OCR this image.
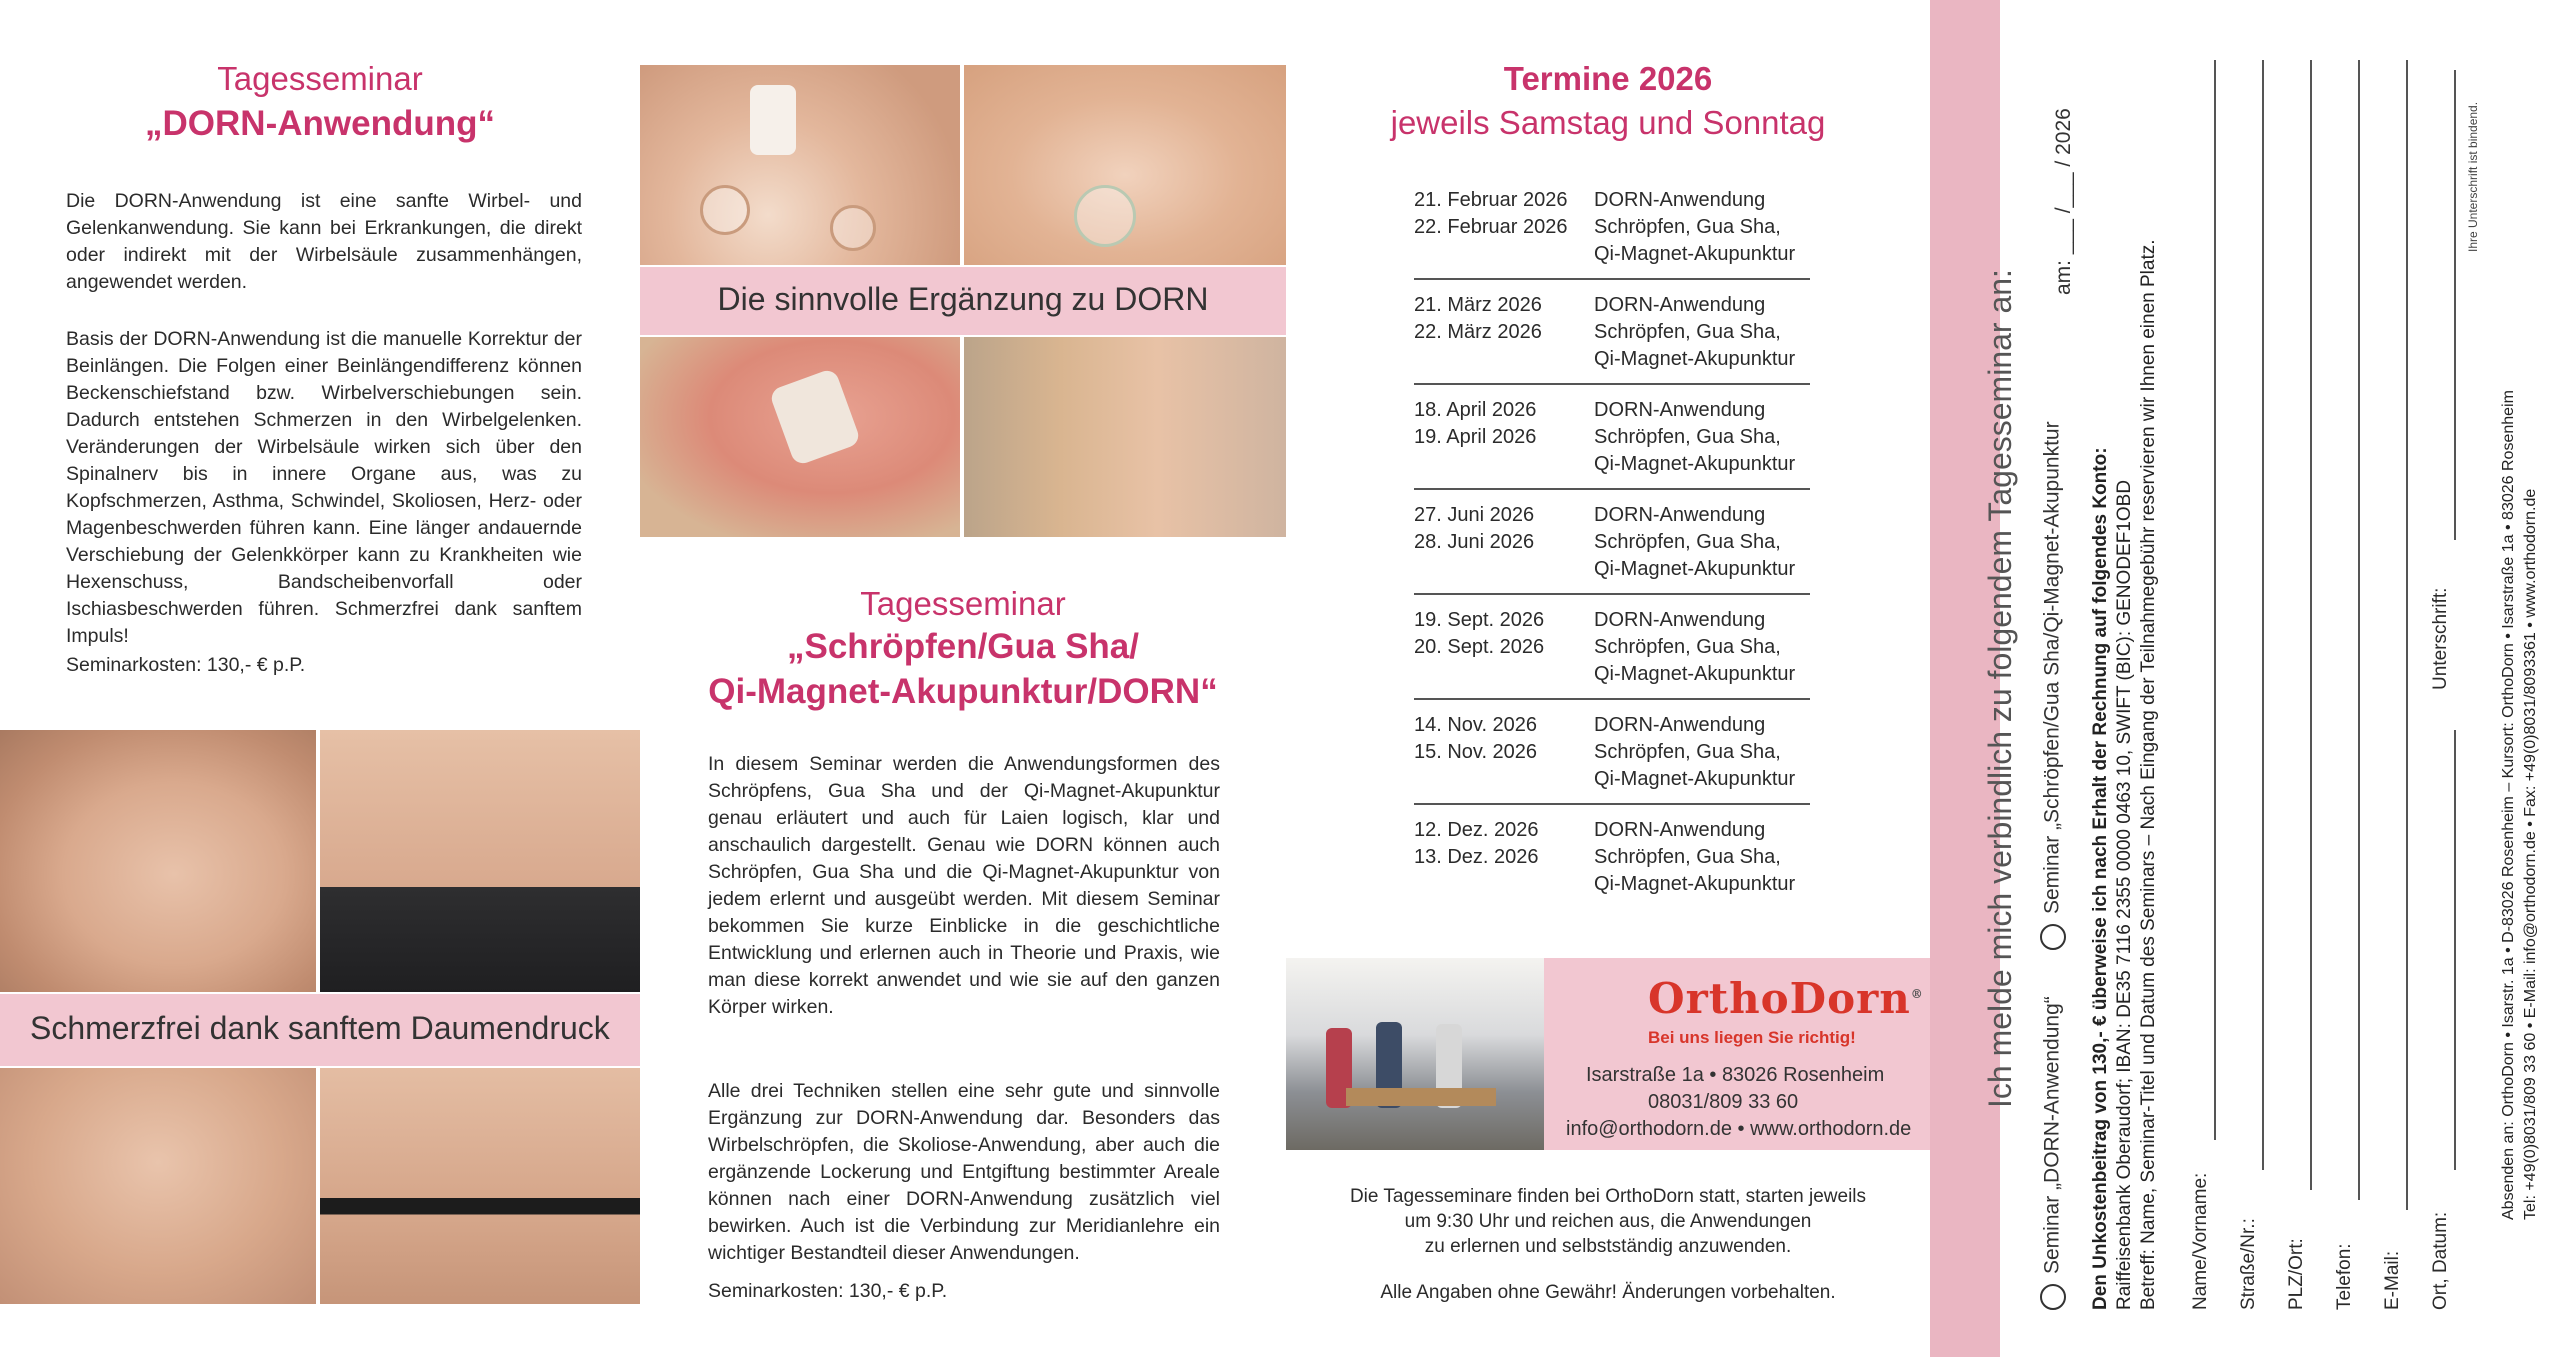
Tagesseminar
„DORN-Anwendung“
Die DORN-Anwendung ist eine sanfte Wirbel- und Gelenkanwendung. Sie kann bei Erkrankungen, die direkt oder indirekt mit der Wirbelsäule zusammenhängen, angewendet werden.
Basis der DORN-Anwendung ist die manuelle Korrektur der Beinlängen. Die Folgen einer Beinlängendifferenz können Beckenschiefstand bzw. Wirbelverschiebungen sein. Dadurch entstehen Schmerzen in den Wirbelgelenken. Veränderungen der Wirbelsäule wirken sich über den Spinalnerv bis in innere Organe aus, was zu Kopfschmerzen, Asthma, Schwindel, Skoliosen, Herz- oder Magenbeschwerden führen kann. Eine länger andauernde Verschiebung der Gelenkkörper kann zu Krankheiten wie Hexenschuss, Bandscheibenvorfall oder Ischiasbeschwerden führen. Schmerzfrei dank sanftem Impuls!
Seminarkosten: 130,- € p.P.
Schmerzfrei dank sanftem Daumendruck
Die sinnvolle Ergänzung zu DORN
Tagesseminar
„Schröpfen/Gua Sha/
Qi-Magnet-Akupunktur/DORN“
In diesem Seminar werden die Anwendungsformen des Schröpfens, Gua Sha und der Qi-Magnet-Akupunktur genau erläutert und auch für Laien logisch, klar und anschaulich dargestellt. Genau wie DORN können auch Schröpfen, Gua Sha und die Qi-Magnet-Akupunktur von jedem erlernt und ausgeübt werden. Mit diesem Seminar bekommen Sie kurze Einblicke in die geschichtliche Entwicklung und erlernen auch in Theorie und Praxis, wie man diese korrekt anwendet und wie sie auf den ganzen Körper wirken.
Alle drei Techniken stellen eine sehr gute und sinnvolle Ergänzung zur DORN-Anwendung dar. Besonders das Wirbelschröpfen, die Skoliose-Anwendung, aber auch die ergänzende Lockerung und Entgiftung bestimmter Areale können nach einer DORN-Anwendung zusätzlich viel bewirken. Auch ist die Verbindung zur Meridianlehre ein wichtiger Bestandteil dieser Anwendungen.
Seminarkosten: 130,- € p.P.
Termine 2026
jeweils Samstag und Sonntag
21. Februar 2026
22. Februar 2026
DORN-Anwendung
Schröpfen, Gua Sha,
Qi-Magnet-Akupunktur
21. März 2026
22. März 2026
DORN-Anwendung
Schröpfen, Gua Sha,
Qi-Magnet-Akupunktur
18. April 2026
19. April 2026
DORN-Anwendung
Schröpfen, Gua Sha,
Qi-Magnet-Akupunktur
27. Juni 2026
28. Juni 2026
DORN-Anwendung
Schröpfen, Gua Sha,
Qi-Magnet-Akupunktur
19. Sept. 2026
20. Sept. 2026
DORN-Anwendung
Schröpfen, Gua Sha,
Qi-Magnet-Akupunktur
14. Nov. 2026
15. Nov. 2026
DORN-Anwendung
Schröpfen, Gua Sha,
Qi-Magnet-Akupunktur
12. Dez. 2026
13. Dez. 2026
DORN-Anwendung
Schröpfen, Gua Sha,
Qi-Magnet-Akupunktur
OrthoDorn®
Bei uns liegen Sie richtig!
Isarstraße 1a • 83026 Rosenheim
08031/809 33 60
info@orthodorn.de • www.orthodorn.de
Die Tagesseminare finden bei OrthoDorn statt, starten jeweils
um 9:30 Uhr und reichen aus, die Anwendungen
zu erlernen und selbstständig anzuwenden.
Alle Angaben ohne Gewähr! Änderungen vorbehalten.
Ich melde mich verbindlich zu folgendem Tagesseminar an:
am: ___ /___ / 2026
Seminar „DORN-Anwendung“
Seminar „Schröpfen/Gua Sha/Qi-Magnet-Akupunktur Den Unkostenbeitrag von 130,- € überweise ich nach Erhalt der Rechnung auf folgendes Konto: Raiffeisenbank Oberaudorf; IBAN: DE35 7116 2355 0000 0463 10, SWIFT (BIC): GENODEF1OBD Betreff: Name, Seminar-Titel und Datum des Seminars – Nach Eingang der Teilnahmegebühr reservieren wir Ihnen einen Platz. Name/Vorname: Straße/Nr.: PLZ/Ort: Telefon: E-Mail: Ort, Datum:
Unterschrift:
Ihre Unterschrift ist bindend.
Absenden an: OrthoDorn • Isarstr. 1a • D-83026 Rosenheim – Kursort: OrthoDorn • Isarstraße 1a • 83026 Rosenheim Tel: +49(0)8031/809 33 60 • E-Mail: info@orthodorn.de • Fax: +49(0)8031/8093361 • www.orthodorn.de
